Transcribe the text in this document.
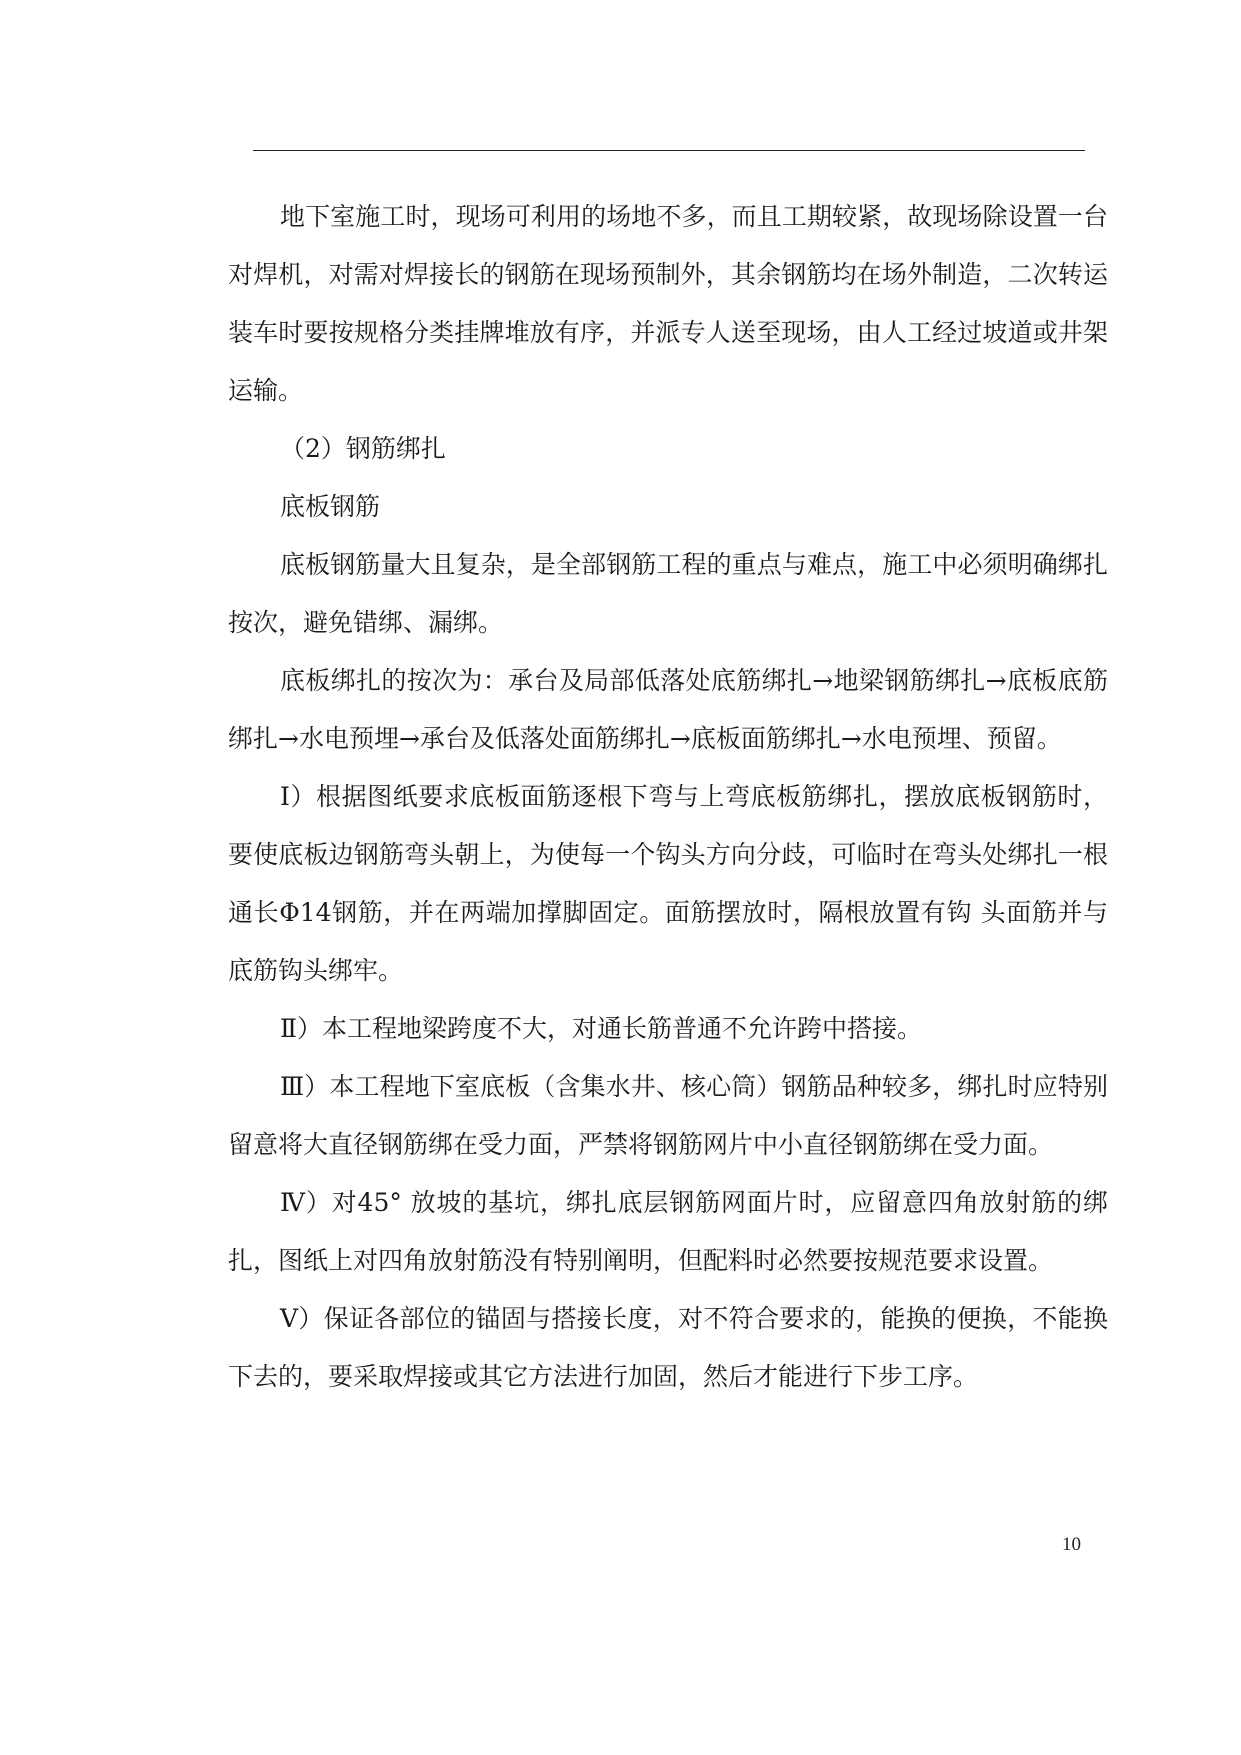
地下室施工时，现场可利用的场地不多，而且工期较紧，故现场除设置一台对焊机，对需对焊接长的钢筋在现场预制外，其余钢筋均在场外制造，二次转运装车时要按规格分类挂牌堆放有序，并派专人送至现场，由人工经过坡道或井架运输。

（2）钢筋绑扎

底板钢筋

底板钢筋量大且复杂，是全部钢筋工程的重点与难点，施工中必须明确绑扎按次，避免错绑、漏绑。

底板绑扎的按次为：承台及局部低落处底筋绑扎→地梁钢筋绑扎→底板底筋绑扎→水电预埋→承台及低落处面筋绑扎→底板面筋绑扎→水电预埋、预留。

Ⅰ）根据图纸要求底板面筋逐根下弯与上弯底板筋绑扎，摆放底板钢筋时，要使底板边钢筋弯头朝上，为使每一个钩头方向分歧，可临时在弯头处绑扎一根通长Φ14钢筋，并在两端加撑脚固定。面筋摆放时，隔根放置有钩 头面筋并与底筋钩头绑牢。

Ⅱ）本工程地梁跨度不大，对通长筋普通不允许跨中搭接。

Ⅲ）本工程地下室底板（含集水井、核心筒）钢筋品种较多，绑扎时应特别留意将大直径钢筋绑在受力面，严禁将钢筋网片中小直径钢筋绑在受力面。

Ⅳ）对45° 放坡的基坑，绑扎底层钢筋网面片时，应留意四角放射筋的绑扎，图纸上对四角放射筋没有特别阐明，但配料时必然要按规范要求设置。

Ⅴ）保证各部位的锚固与搭接长度，对不符合要求的，能换的便换，不能换下去的，要采取焊接或其它方法进行加固，然后才能进行下步工序。

10
